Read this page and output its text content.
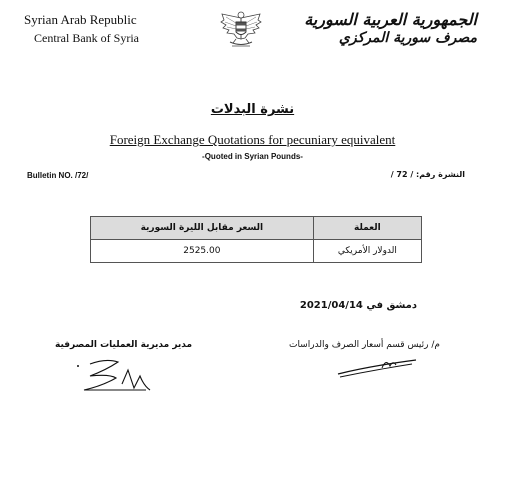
Syrian Arab Republic
Central Bank of Syria
الجمهورية العربية السورية
مصرف سورية المركزي
نشرة البدلات
Foreign Exchange Quotations for pecuniary equivalent
-Quoted in Syrian Pounds-
Bulletin NO. /72/	النشرة رقم: / 72 /
السعر مقابل الليرة السورية	العملة
2525.00	الدولار الأمريكي
دمشق في 2021/04/14
مدير مديرية العمليات المصرفية	م/ رئيس قسم أسعار الصرف والدراسات
